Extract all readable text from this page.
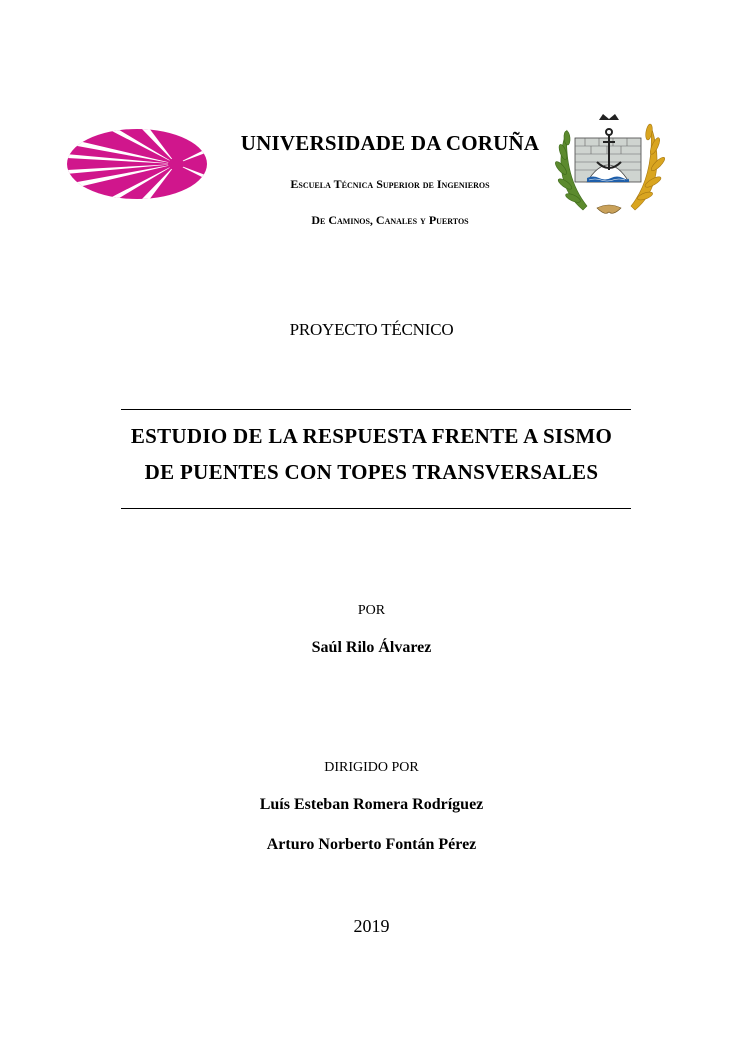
UNIVERSIDADE DA CORUÑA
Escuela Técnica Superior de Ingenieros
De Caminos, Canales y Puertos
PROYECTO TÉCNICO
ESTUDIO DE LA RESPUESTA FRENTE A SISMO
DE PUENTES CON TOPES TRANSVERSALES
POR
Saúl Rilo Álvarez
DIRIGIDO POR
Luís Esteban Romera Rodríguez
Arturo Norberto Fontán Pérez
2019
